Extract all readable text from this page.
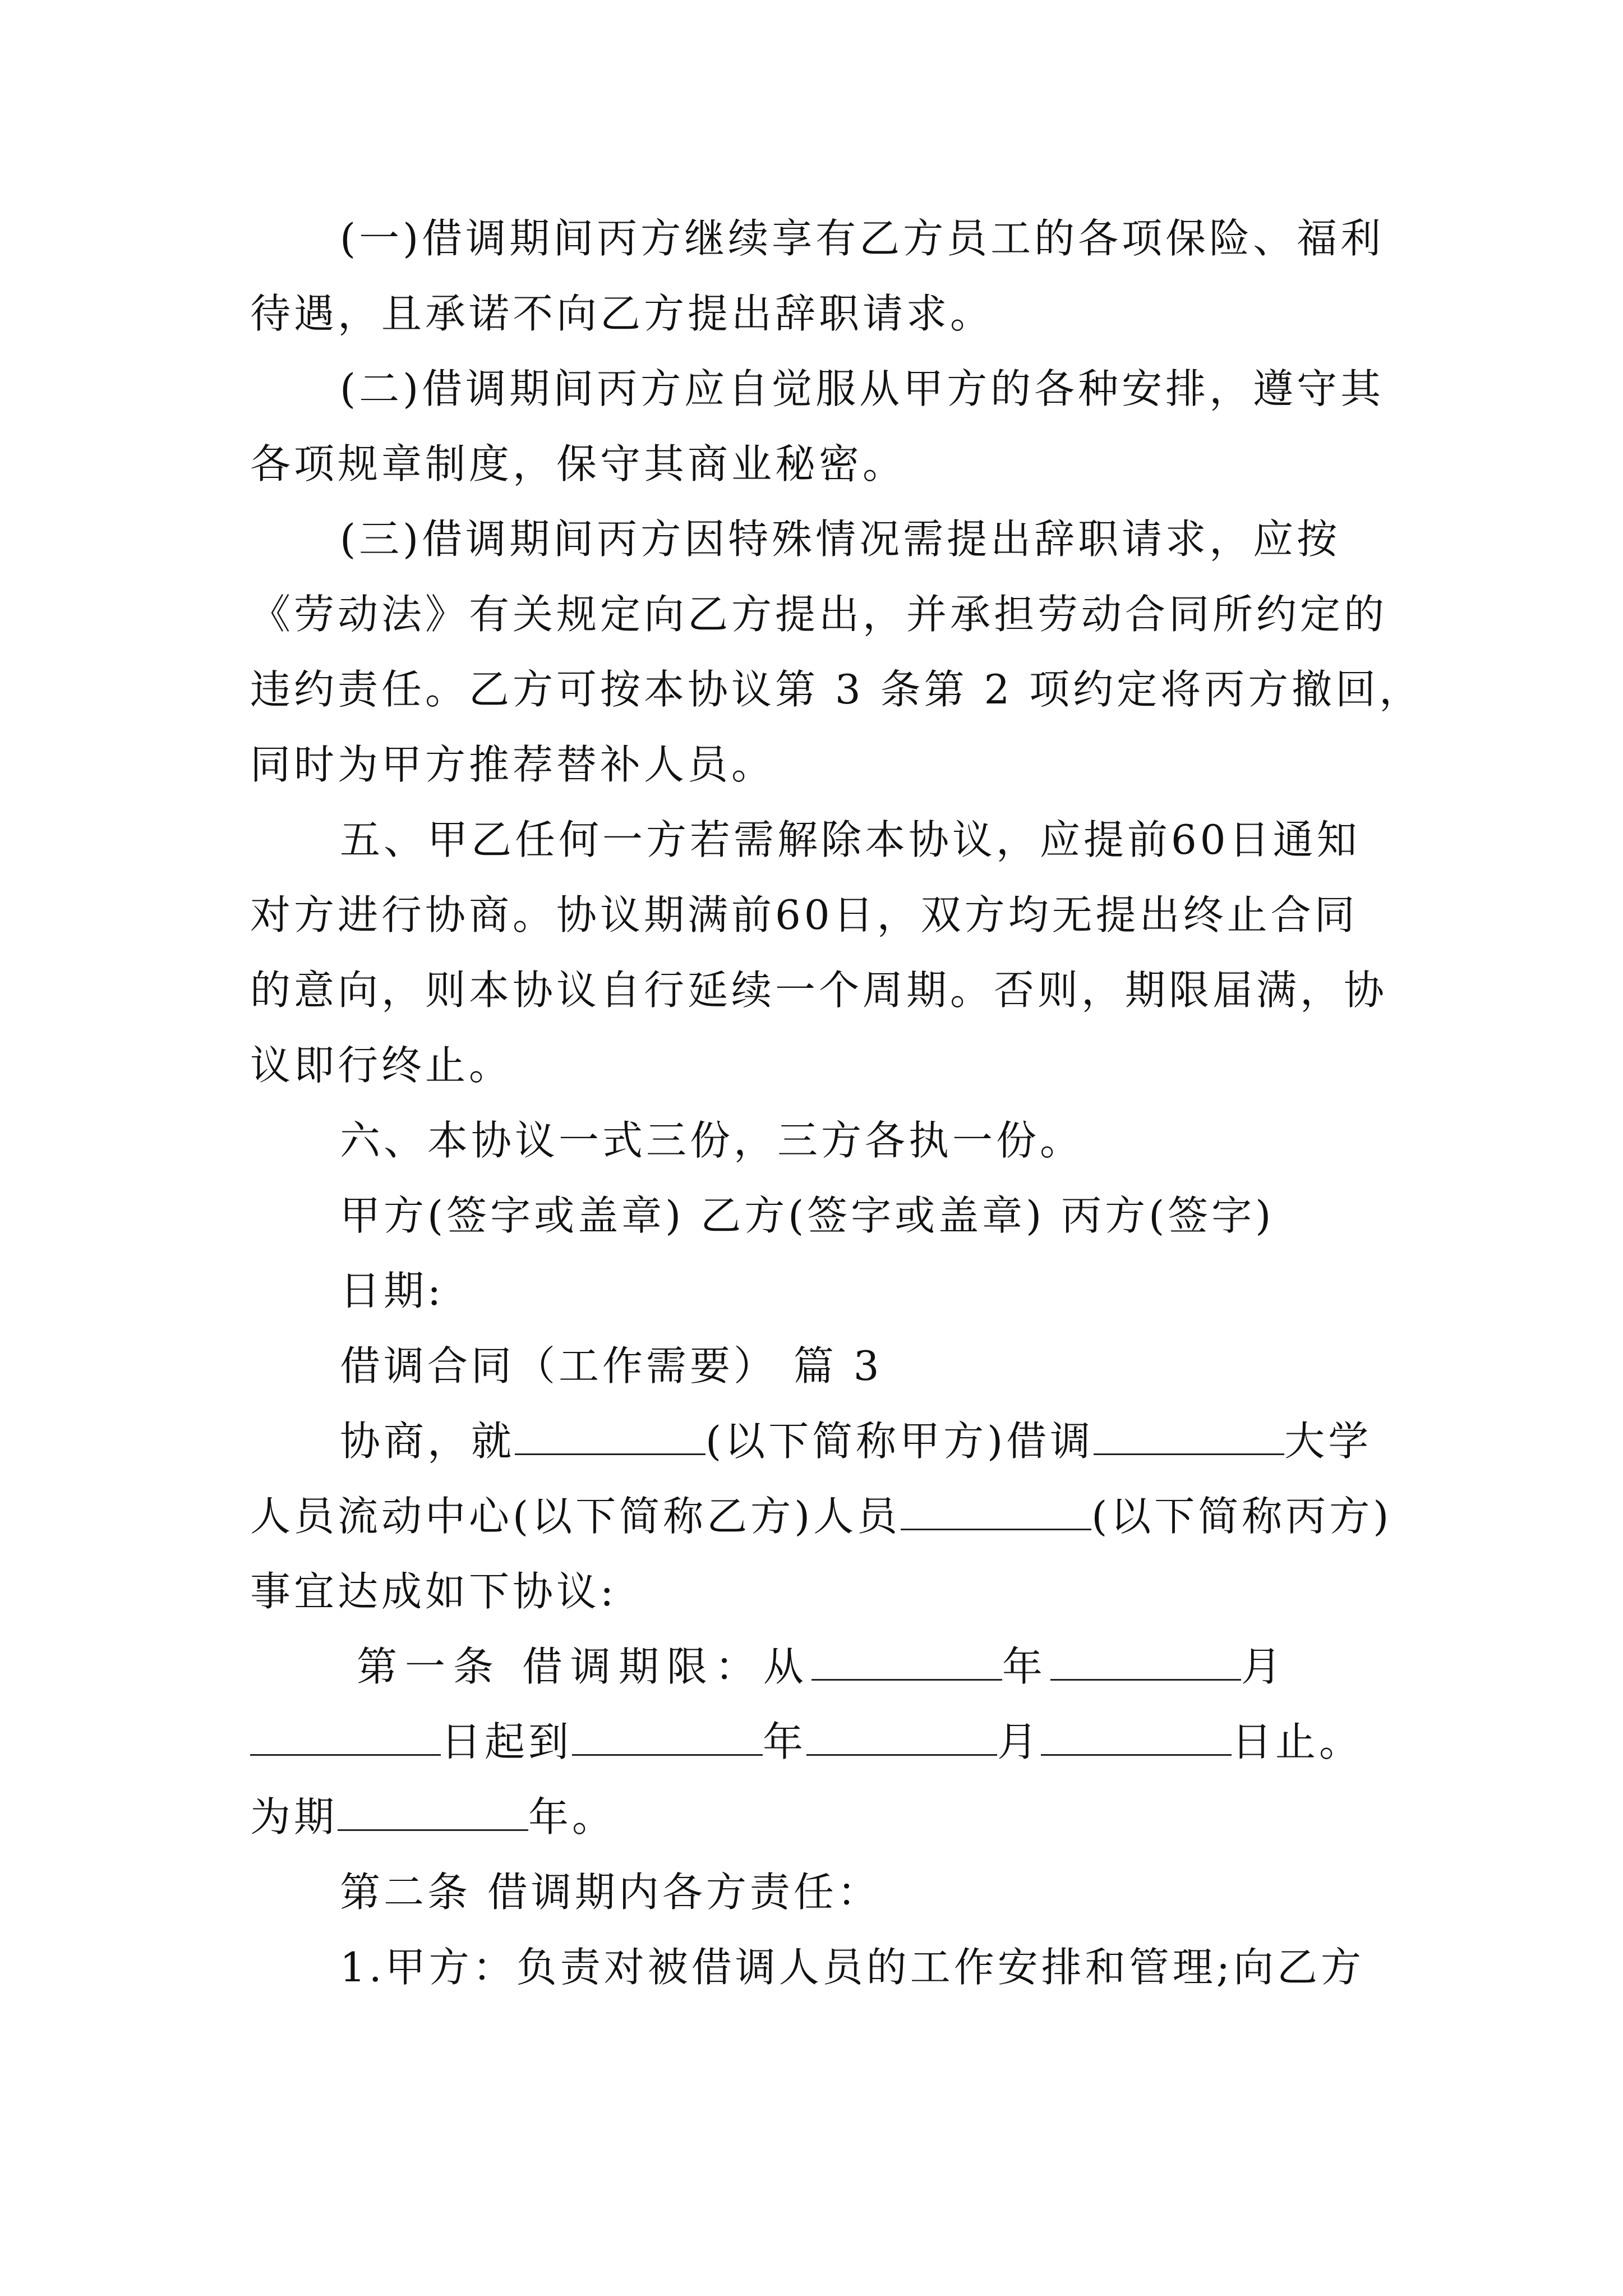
(一)借调期间丙方继续享有乙方员工的各项保险、福利
待遇，且承诺不向乙方提出辞职请求。
(二)借调期间丙方应自觉服从甲方的各种安排，遵守其
各项规章制度，保守其商业秘密。
(三)借调期间丙方因特殊情况需提出辞职请求，应按
《劳动法》有关规定向乙方提出，并承担劳动合同所约定的
违约责任。乙方可按本协议第 3 条第 2 项约定将丙方撤回，
同时为甲方推荐替补人员。
五、甲乙任何一方若需解除本协议，应提前60日通知
对方进行协商。协议期满前60日，双方均无提出终止合同
的意向，则本协议自行延续一个周期。否则，期限届满，协
议即行终止。
六、本协议一式三份，三方各执一份。
甲方(签字或盖章) 乙方(签字或盖章) 丙方(签字)
日期:
借调合同（工作需要） 篇 3
协商，就	(以下简称甲方)借调	大学
人员流动中心(以下简称乙方)人员	(以下简称丙方)
事宜达成如下协议:
第一条 借调期限：从	年	月
日起到	年	月	日止。
为期	年。
第二条 借调期内各方责任：
1.甲方：负责对被借调人员的工作安排和管理;向乙方
